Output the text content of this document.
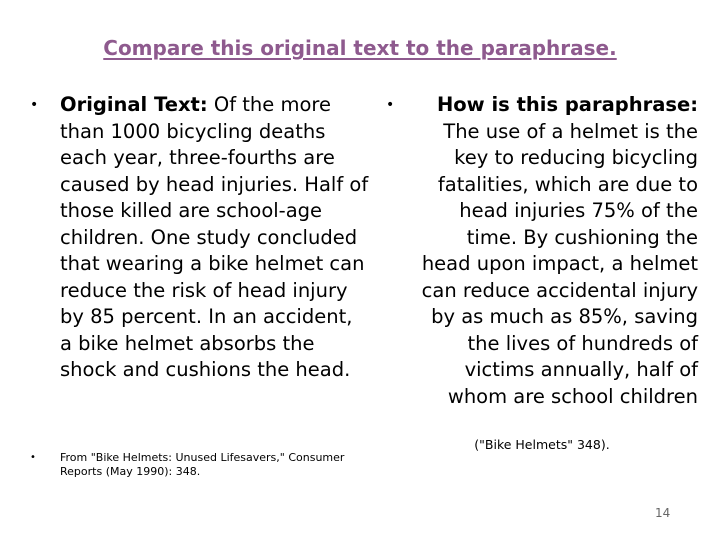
Compare this original text to the paraphrase.
• Original Text: Of the more than 1000 bicycling deaths each year, three-fourths are caused by head injuries. Half of those killed are school-age children. One study concluded that wearing a bike helmet can reduce the risk of head injury by 85 percent. In an accident, a bike helmet absorbs the shock and cushions the head.
• From "Bike Helmets: Unused Lifesavers," Consumer Reports (May 1990): 348.
•	How is this paraphrase:
The use of a helmet is the key to reducing bicycling fatalities, which are due to head injuries 75% of the time. By cushioning the head upon impact, a helmet can reduce accidental injury by as much as 85%, saving the lives of hundreds of victims annually, half of whom are school children
("Bike Helmets" 348).
14
